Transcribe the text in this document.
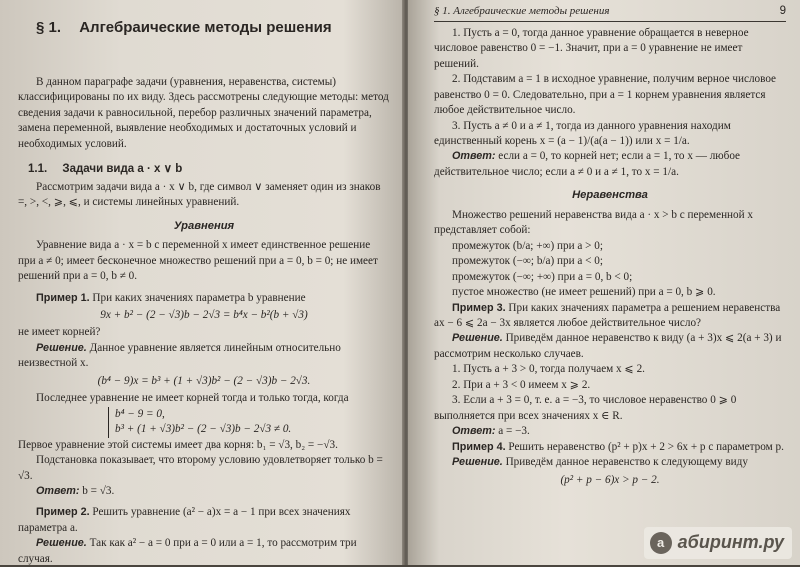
§ 1. Алгебраические методы решения

В данном параграфе задачи (уравнения, неравенства, системы) классифицированы по их виду. Здесь рассмотрены следующие методы: метод сведения задачи к равносильной, перебор различных значений параметра, замена переменной, выявление необходимых и достаточных условий и необходимых условий.

1.1. Задачи вида a · x ∨ b

Рассмотрим задачи вида a · x ∨ b, где символ ∨ заменяет один из знаков =, >, <, ⩾, ⩽, и системы линейных уравнений.

Уравнения

Уравнение вида a · x = b с переменной x имеет единственное решение при a ≠ 0; имеет бесконечное множество решений при a = 0, b = 0; не имеет решений при a = 0, b ≠ 0.

Пример 1. При каких значениях параметра b уравнение

9x + b² − (2 − √3)b − 2√3 = b⁴x − b²(b + √3)

не имеет корней?

Решение. Данное уравнение является линейным относительно неизвестной x.

(b⁴ − 9)x = b³ + (1 + √3)b² − (2 − √3)b − 2√3.

Последнее уравнение не имеет корней тогда и только тогда, когда

b⁴ − 9 = 0,
b³ + (1 + √3)b² − (2 − √3)b − 2√3 ≠ 0.

Первое уравнение этой системы имеет два корня: b₁ = √3, b₂ = −√3.

Подстановка показывает, что второму условию удовлетворяет только b = √3.

Ответ: b = √3.

Пример 2. Решить уравнение (a² − a)x = a − 1 при всех значениях параметра a.

Решение. Так как a² − a = 0 при a = 0 или a = 1, то рассмотрим три случая.

§ 1. Алгебраические методы решения	9

1. Пусть a = 0, тогда данное уравнение обращается в неверное числовое равенство 0 = −1. Значит, при a = 0 уравнение не имеет решений.

2. Подставим a = 1 в исходное уравнение, получим верное числовое равенство 0 = 0. Следовательно, при a = 1 корнем уравнения является любое действительное число.

3. Пусть a ≠ 0 и a ≠ 1, тогда из данного уравнения находим единственный корень x = (a − 1)/(a(a − 1)) или x = 1/a.

Ответ: если a = 0, то корней нет; если a = 1, то x — любое действительное число; если a ≠ 0 и a ≠ 1, то x = 1/a.

Неравенства

Множество решений неравенства вида a · x > b с переменной x представляет собой:

промежуток (b/a; +∞) при a > 0;

промежуток (−∞; b/a) при a < 0;

промежуток (−∞; +∞) при a = 0, b < 0;

пустое множество (не имеет решений) при a = 0, b ⩾ 0.

Пример 3. При каких значениях параметра a решением неравенства ax − 6 ⩽ 2a − 3x является любое действительное число?

Решение. Приведём данное неравенство к виду (a + 3)x ⩽ 2(a + 3) и рассмотрим несколько случаев.

1. Пусть a + 3 > 0, тогда получаем x ⩽ 2.

2. При a + 3 < 0 имеем x ⩾ 2.

3. Если a + 3 = 0, т. е. a = −3, то числовое неравенство 0 ⩾ 0 выполняется при всех значениях x ∈ R.

Ответ: a = −3.

Пример 4. Решить неравенство (p² + p)x + 2 > 6x + p с параметром p.

Решение. Приведём данное неравенство к следующему виду

(p² + p − 6)x > p − 2.

a абиринт.ру
